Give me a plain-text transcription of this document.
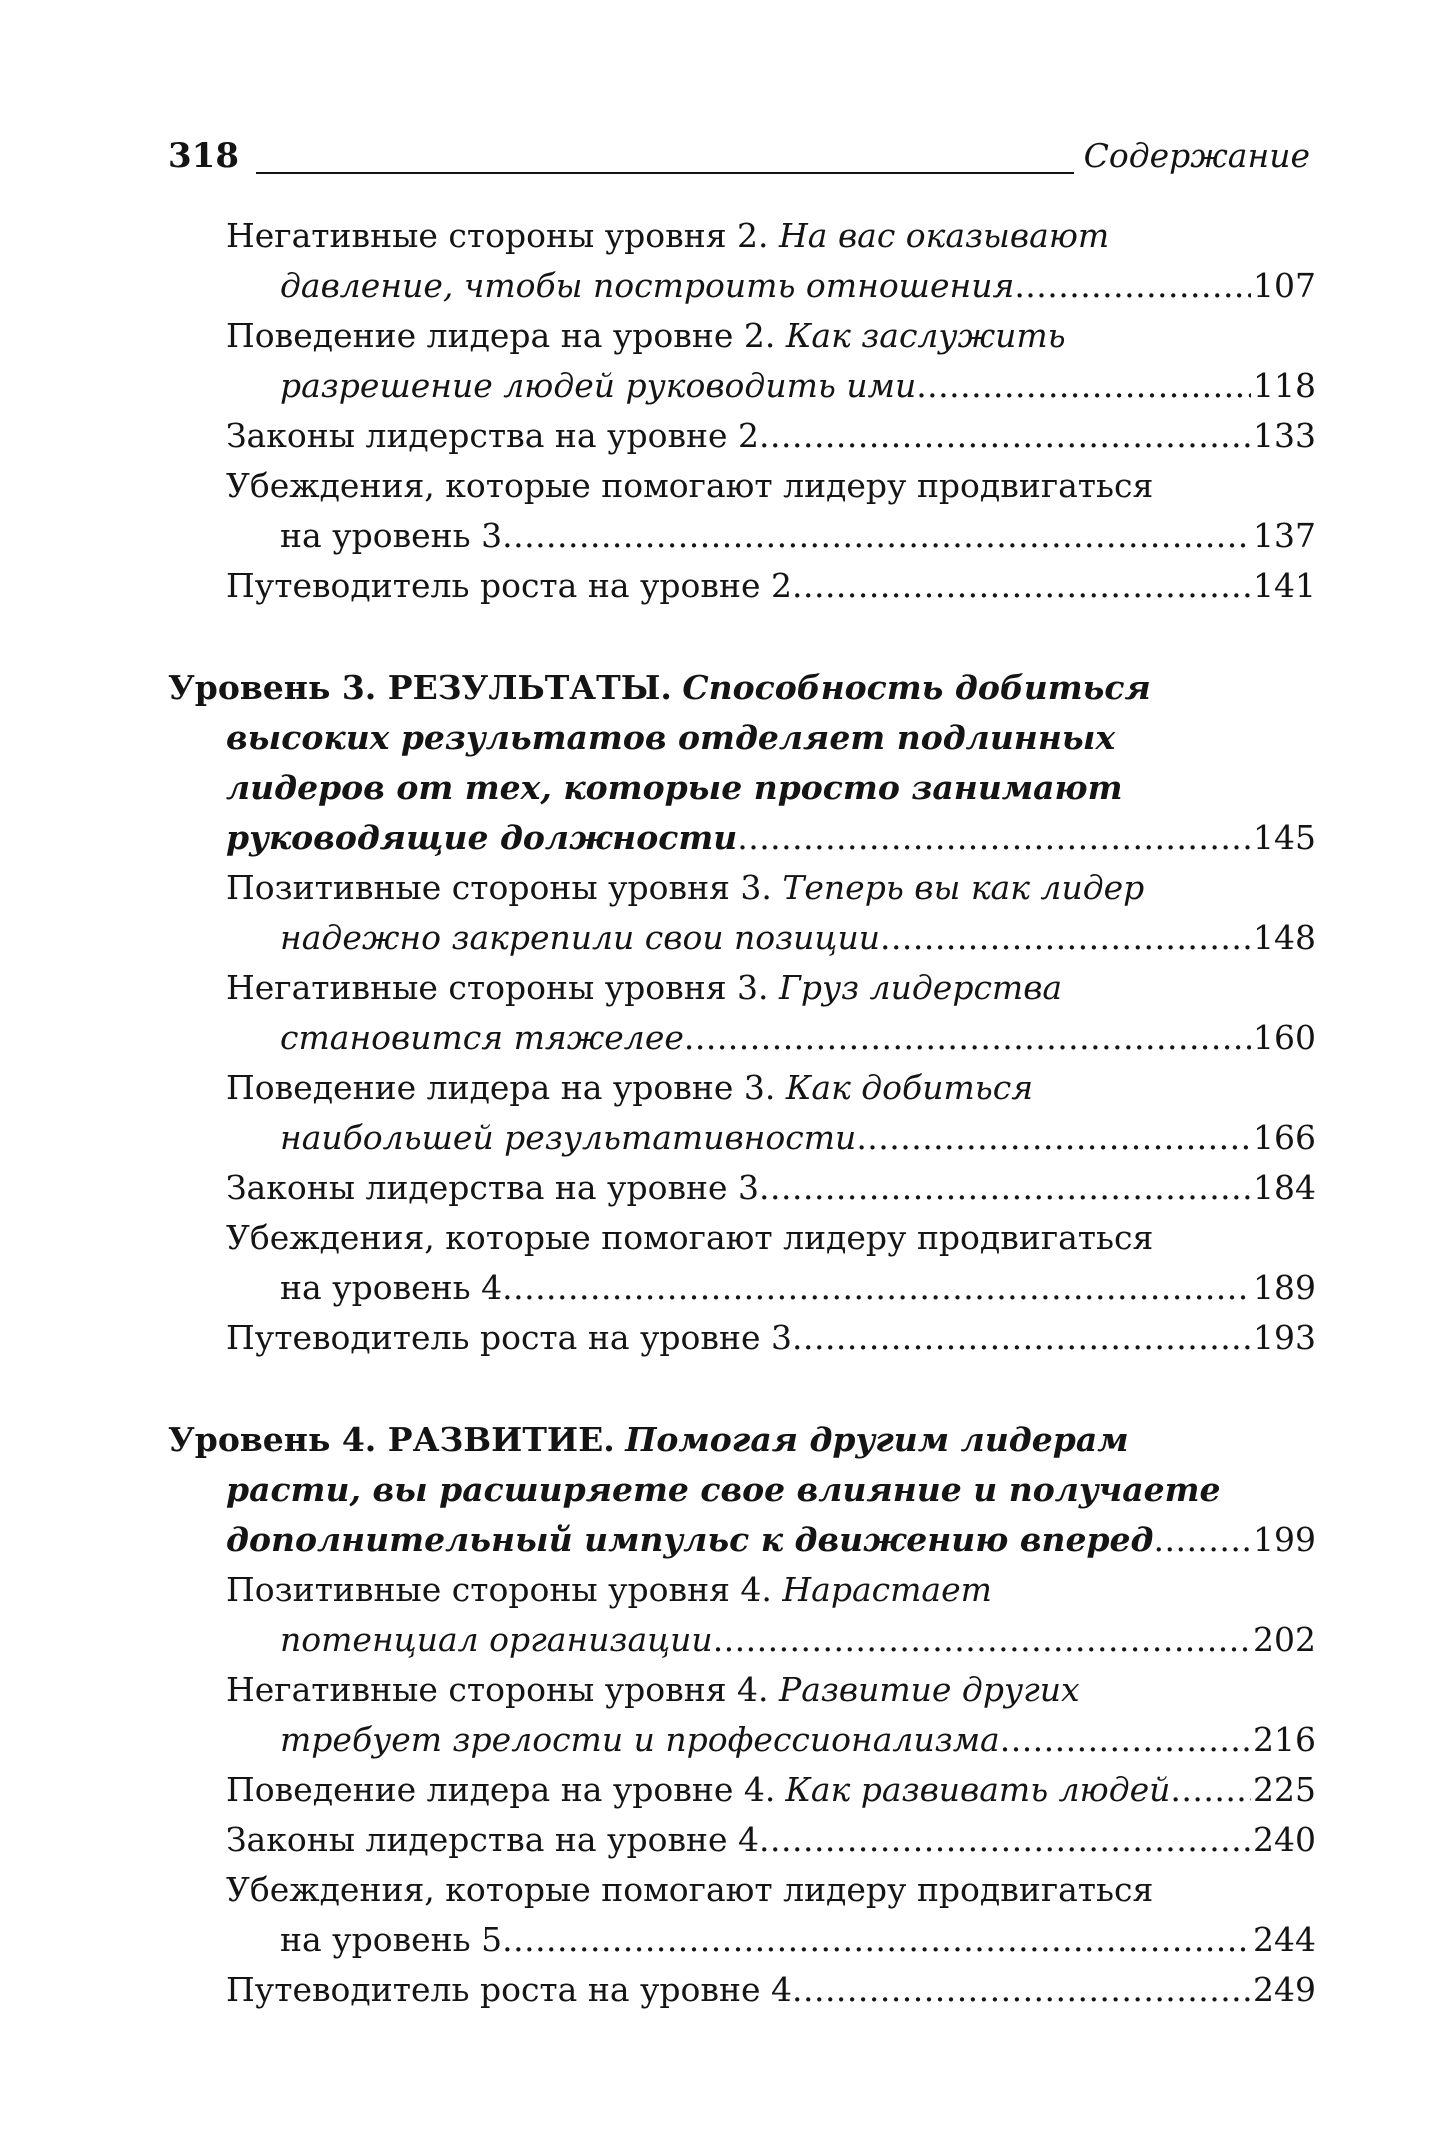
318	Содержание
Негативные стороны уровня 2. На вас оказывают
давление, чтобы построить отношения . . .	107
Поведение лидера на уровне 2. Как заслужить
разрешение людей руководить ими . . .	118
Законы лидерства на уровне 2 . . .	133
Убеждения, которые помогают лидеру продвигаться
на уровень 3 . . .	137
Путеводитель роста на уровне 2 . . .	141
Уровень 3. РЕЗУЛЬТАТЫ. Способность добиться
высоких результатов отделяет подлинных
лидеров от тех, которые просто занимают
руководящие должности . . .	145
Позитивные стороны уровня 3. Теперь вы как лидер
надежно закрепили свои позиции . . .	148
Негативные стороны уровня 3. Груз лидерства
становится тяжелее . . .	160
Поведение лидера на уровне 3. Как добиться
наибольшей результативности . . .	166
Законы лидерства на уровне 3 . . .	184
Убеждения, которые помогают лидеру продвигаться
на уровень 4 . . .	189
Путеводитель роста на уровне 3 . . .	193
Уровень 4. РАЗВИТИЕ. Помогая другим лидерам
расти, вы расширяете свое влияние и получаете
дополнительный импульс к движению вперед . . .	199
Позитивные стороны уровня 4. Нарастает
потенциал организации . . .	202
Негативные стороны уровня 4. Развитие других
требует зрелости и профессионализма . . .	216
Поведение лидера на уровне 4. Как развивать людей . . .	225
Законы лидерства на уровне 4 . . .	240
Убеждения, которые помогают лидеру продвигаться
на уровень 5 . . .	244
Путеводитель роста на уровне 4 . . .	249
